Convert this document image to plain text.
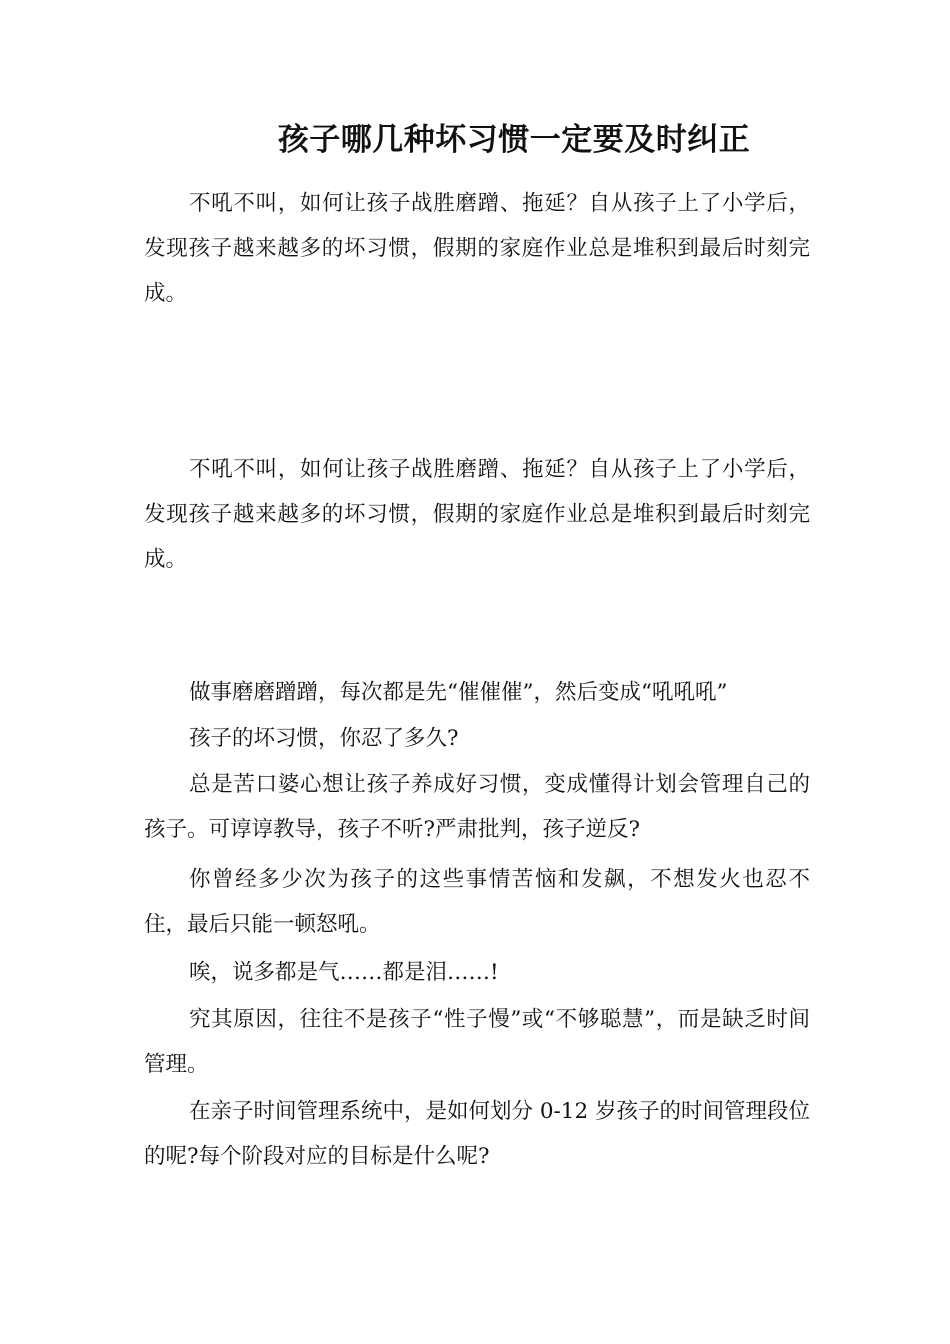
孩子哪几种坏习惯一定要及时纠正

不吼不叫，如何让孩子战胜磨蹭、拖延？自从孩子上了小学后，发现孩子越来越多的坏习惯，假期的家庭作业总是堆积到最后时刻完成。

不吼不叫，如何让孩子战胜磨蹭、拖延？自从孩子上了小学后，发现孩子越来越多的坏习惯，假期的家庭作业总是堆积到最后时刻完成。

做事磨磨蹭蹭，每次都是先“催催催”，然后变成“吼吼吼”

孩子的坏习惯，你忍了多久?

总是苦口婆心想让孩子养成好习惯，变成懂得计划会管理自己的孩子。可谆谆教导，孩子不听?严肃批判，孩子逆反?

你曾经多少次为孩子的这些事情苦恼和发飙，不想发火也忍不住，最后只能一顿怒吼。

唉，说多都是气……都是泪……!

究其原因，往往不是孩子“性子慢”或“不够聪慧”，而是缺乏时间管理。

在亲子时间管理系统中，是如何划分 0-12 岁孩子的时间管理段位的呢?每个阶段对应的目标是什么呢?
